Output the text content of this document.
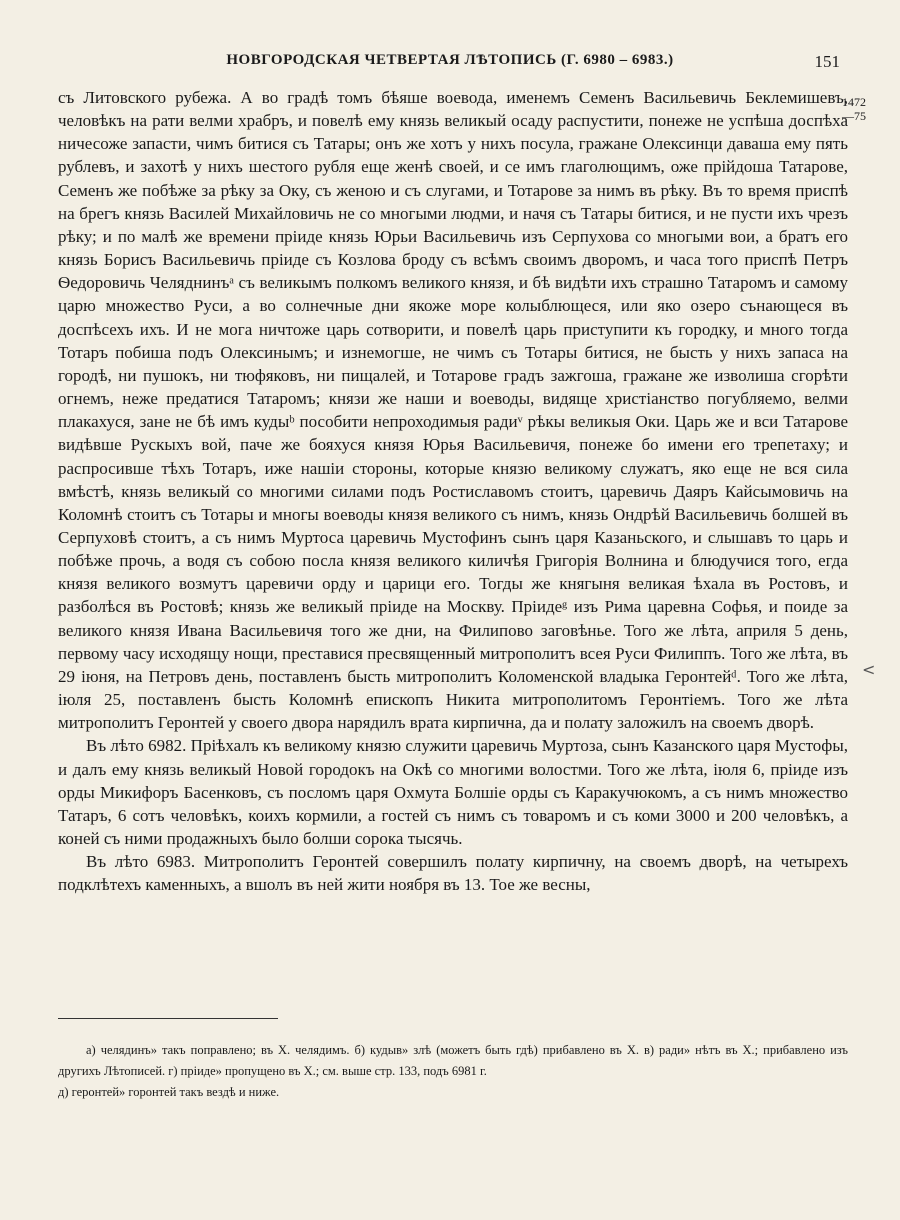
НОВГОРОДСКАЯ ЧЕТВЕРТАЯ ЛѢТОПИСЬ (Г. 6980 – 6983.)	151
1472
—75

съ Литовского рубежа. А во градѣ томъ бѣяше воевода, именемъ Семенъ Васильевичь Беклемишевъ, человѣкъ на рати велми храбръ, и повелѣ ему князь великый осаду распустити, понеже не успѣша доспѣха ничесоже запасти, чимъ битися съ Татары; онъ же хотъ у нихъ посула, гражане Олексинци даваша ему пять рублевъ, и захотѣ у нихъ шестого рубля еще женѣ своей, и се имъ глаголющимъ, оже прійдоша Татарове, Семенъ же побѣже за рѣку за Оку, съ женою и съ слугами, и Тотарове за нимъ въ рѣку. Въ то время приспѣ на брегъ князь Василей Михайловичь не со многыми людми, и начя съ Татары битися, и не пусти ихъ чрезъ рѣку; и по малѣ же времени пріиде князь Юрьи Васильевичь изъ Серпухова со многыми вои, а братъ его князь Борисъ Васильевичь пріиде съ Козлова броду съ всѣмъ своимъ дворомъ, и часа того приспѣ Петръ Ѳедоровичь Челяднинъᵃ съ великымъ полкомъ великого князя, и бѣ видѣти ихъ страшно Татаромъ и самому царю множество Руси, а во солнечные дни якоже море колыблющеся, или яко озеро сънающеся въ доспѣсехъ ихъ. И не мога ничтоже царь сотворити, и повелѣ царь приступити къ городку, и много тогда Тотаръ побиша подъ Олексинымъ; и изнемогше, не чимъ съ Тотары битися, не бысть у нихъ запаса на городѣ, ни пушокъ, ни тюфяковъ, ни пищалей, и Тотарове градъ зажгоша, гражане же изволиша сгорѣти огнемъ, неже предатися Татаромъ; князи же наши и воеводы, видяще христіанство погубляемо, велми плакахуся, зане не бѣ имъ кудыᵇ пособити непроходимыя радиᵛ рѣкы великыя Оки. Царь же и вси Татарове видѣвше Рускыхъ вой, паче же бояхуся князя Юрья Васильевичя, понеже бо имени его трепетаху; и распросивше тѣхъ Тотаръ, иже нашіи стороны, которые князю великому служатъ, яко еще не вся сила вмѣстѣ, князь великый со многими силами подъ Ростиславомъ стоитъ, царевичь Даяръ Кайсымовичь на Коломнѣ стоитъ съ Тотары и многы воеводы князя великого съ нимъ, князь Ондрѣй Васильевичь болшей въ Серпуховѣ стоитъ, а съ нимъ Муртоса царевичь Мустофинъ сынъ царя Казаньского, и слышавъ то царь и побѣже прочь, а водя съ собою посла князя великого киличѣя Григорія Волнина и блюдучися того, егда князя великого возмутъ царевичи орду и царици его. Тогды же княгыня великая ѣхала въ Ростовъ, и разболѣся въ Ростовѣ; князь же великый пріиде на Москву. Пріидеᵍ изъ Рима царевна Софья, и поиде за великого князя Ивана Васильевичя того же дни, на Филипово заговѣнье. Того же лѣта, априля 5 день, первому часу исходящу нощи, преставися пресвященный митрополитъ всея Руси Филиппъ. Того же лѣта, въ 29 іюня, на Петровъ день, поставленъ бысть митрополитъ Коломенской владыка Геронтейᵈ. Того же лѣта, іюля 25, поставленъ бысть Коломнѣ епископъ Никита митрополитомъ Геронтіемъ. Того же лѣта митрополитъ Геронтей у своего двора нарядилъ врата кирпична, да и полату заложилъ на своемъ дворѣ.

Въ лѣто 6982. Пріѣхалъ къ великому князю служити царевичь Муртоза, сынъ Казанского царя Мустофы, и далъ ему князь великый Новой городокъ на Окѣ со многими волостми. Того же лѣта, іюля 6, пріиде изъ орды Микифоръ Басенковъ, съ посломъ царя Охмута Болшіе орды съ Каракучюкомъ, а съ нимъ множество Татаръ, 6 сотъ человѣкъ, коихъ кормили, а гостей съ нимъ съ товаромъ и съ коми 3000 и 200 человѣкъ, а коней съ ними продажныхъ было болши сорока тысячь.

Въ лѣто 6983. Митрополитъ Геронтей совершилъ полату кирпичну, на своемъ дворѣ, на четырехъ подклѣтехъ каменныхъ, а вшолъ въ ней жити ноября въ 13. Тое же весны,

<

а) челядинъ» такъ поправлено; въ Х. челядимъ. б) кудыв» злѣ (можетъ быть гдѣ) прибавлено въ Х. в) ради» нѣтъ въ Х.; прибавлено изъ другихъ Лѣтописей. г) пріиде» пропущено въ Х.; см. выше стр. 133, подъ 6981 г.

д) геронтей» горонтей такъ вездѣ и ниже.
